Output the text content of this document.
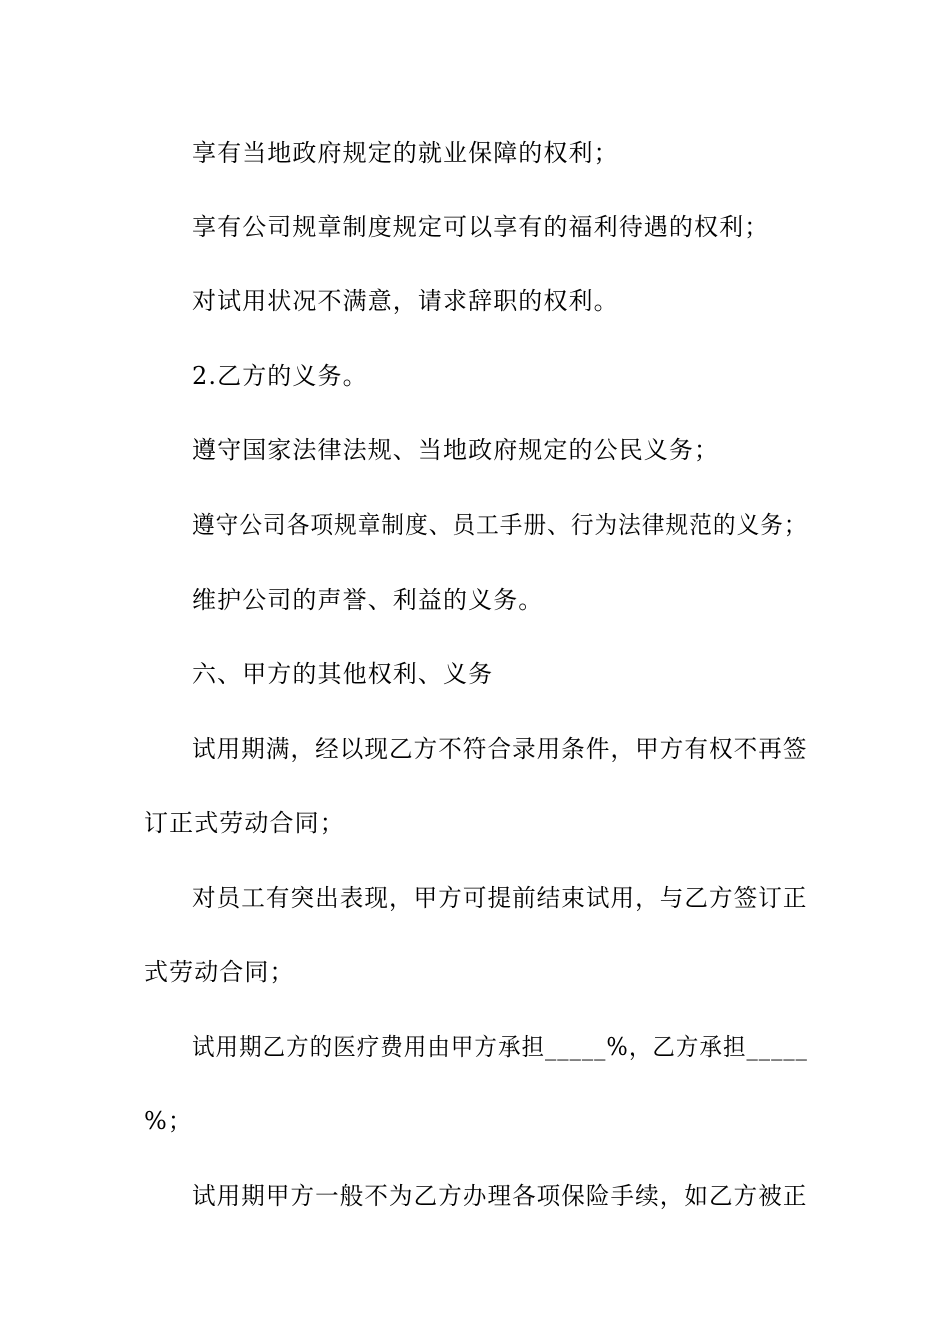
享有当地政府规定的就业保障的权利；
享有公司规章制度规定可以享有的福利待遇的权利；
对试用状况不满意，请求辞职的权利。
2.乙方的义务。
遵守国家法律法规、当地政府规定的公民义务；
遵守公司各项规章制度、员工手册、行为法律规范的义务；
维护公司的声誉、利益的义务。
六、甲方的其他权利、义务
试用期满，经以现乙方不符合录用条件，甲方有权不再签
订正式劳动合同；
对员工有突出表现，甲方可提前结束试用，与乙方签订正
式劳动合同；
试用期乙方的医疗费用由甲方承担_____%，乙方承担_____
%；
试用期甲方一般不为乙方办理各项保险手续，如乙方被正
